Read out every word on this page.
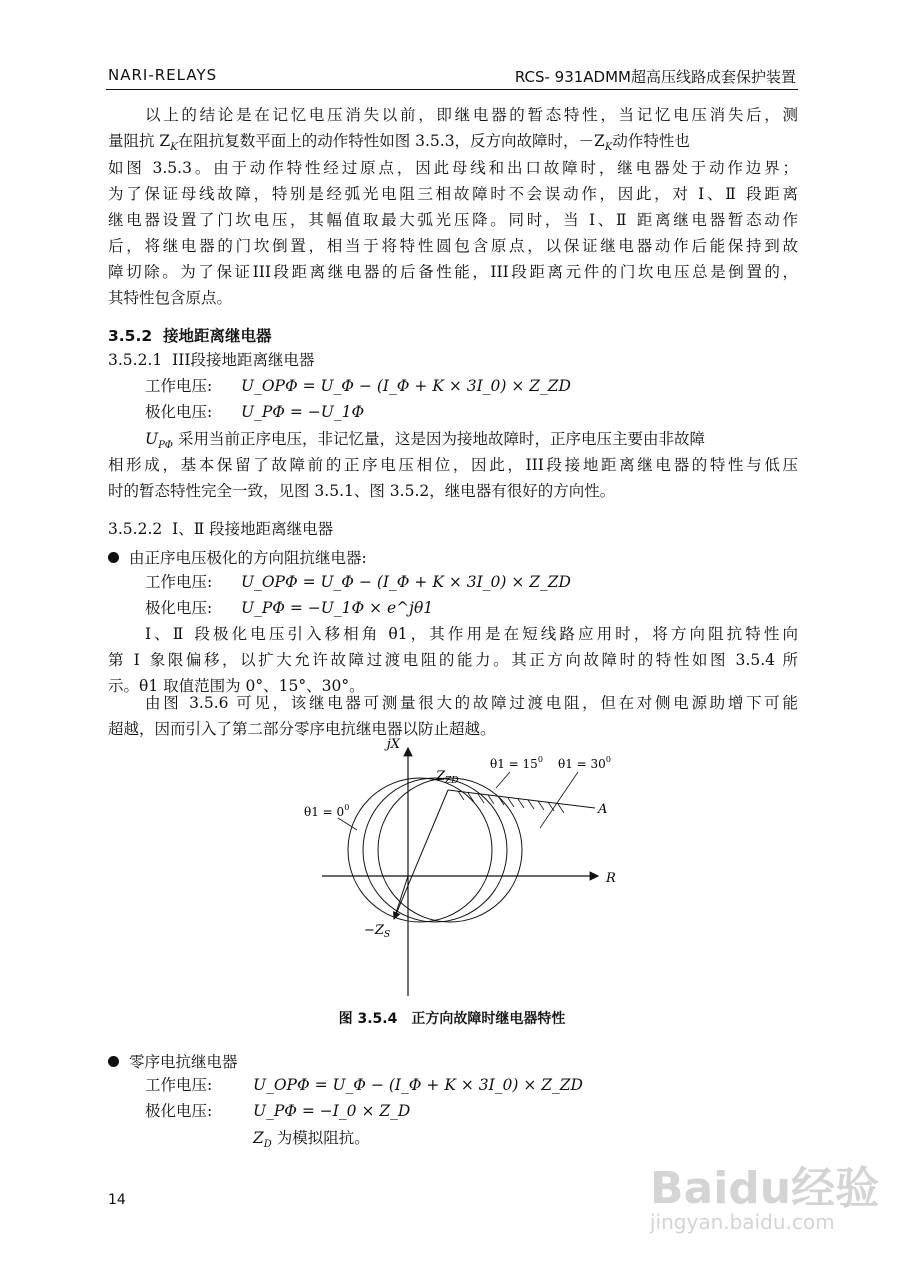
NARI-RELAYS	RCS- 931ADMM超高压线路成套保护装置
以上的结论是在记忆电压消失以前，即继电器的暂态特性，当记忆电压消失后，测
量阻抗 $Z_K$在阻抗复数平面上的动作特性如图 3.5.3，反方向故障时，$-Z_K$动作特性也
如图 3.5.3。由于动作特性经过原点，因此母线和出口故障时，继电器处于动作边界；
为了保证母线故障，特别是经弧光电阻三相故障时不会误动作，因此，对 Ⅰ、Ⅱ 段距离
继电器设置了门坎电压，其幅值取最大弧光压降。同时，当 Ⅰ、Ⅱ 距离继电器暂态动作
后，将继电器的门坎倒置，相当于将特性圆包含原点，以保证继电器动作后能保持到故
障切除。为了保证III段距离继电器的后备性能，III段距离元件的门坎电压总是倒置的，
其特性包含原点。
3.5.2 接地距离继电器
3.5.2.1 III段接地距离继电器
工作电压: U_OPΦ = U_Φ − (I_Φ + K × 3I_0) × Z_ZD
极化电压: U_PΦ = −U_1Φ
$U_{P\Phi}$ 采用当前正序电压，非记忆量，这是因为接地故障时，正序电压主要由非故障
相形成，基本保留了故障前的正序电压相位，因此，III段接地距离继电器的特性与低压
时的暂态特性完全一致，见图 3.5.1、图 3.5.2，继电器有很好的方向性。
3.5.2.2 Ⅰ、Ⅱ 段接地距离继电器
由正序电压极化的方向阻抗继电器:
工作电压: U_OPΦ = U_Φ − (I_Φ + K × 3I_0) × Z_ZD
极化电压: U_PΦ = −U_1Φ × e^jθ1
Ⅰ、Ⅱ 段极化电压引入移相角 θ1，其作用是在短线路应用时，将方向阻抗特性向
第 Ⅰ 象限偏移，以扩大允许故障过渡电阻的能力。其正方向故障时的特性如图 3.5.4 所
示。θ1 取值范围为 0°、15°、30°。
由图 3.5.6 可见，该继电器可测量很大的故障过渡电阻，但在对侧电源助增下可能
超越，因而引入了第二部分零序电抗继电器以防止超越。
jX
R
$Z_{ZD}$
$-Z_S$
$\theta 1 = 0^0$
$\theta 1 = 15^0$ $\theta 1 = 30^0$
A
图 3.5.4　正方向故障时继电器特性
零序电抗继电器
工作电压:	U_OPΦ = U_Φ − (I_Φ + K × 3I_0) × Z_ZD
极化电压:	U_PΦ = −I_0 × Z_D
$Z_D$ 为模拟阻抗。
14	Baidu经验
jingyan.baidu.com
